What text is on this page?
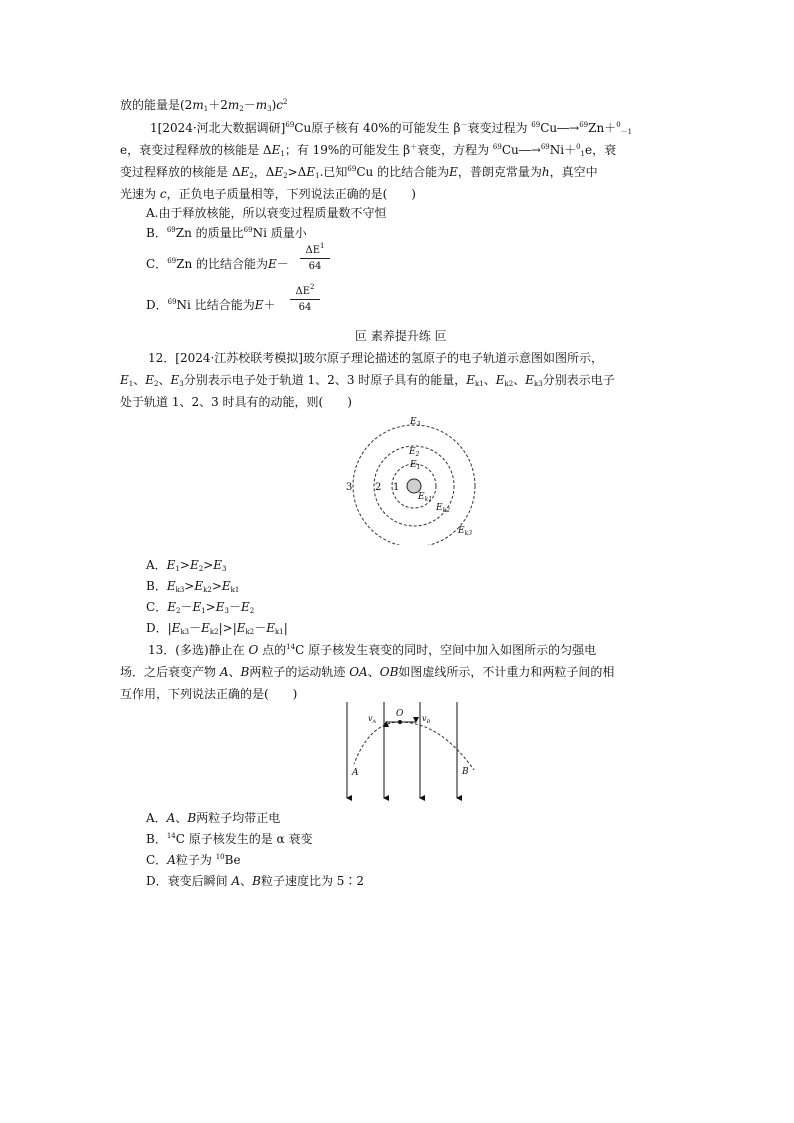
放的能量是$(2m_1+2m_2-m_3)c^2$
1[2024·河北大数据调研]$^{69}$Cu原子核有 40%的可能发生 β－衰变过程为 $^{69}$Cu―→$^{69}$Zn＋$^0_{-1}$
e，衰变过程释放的核能是 $\Delta E_1$；有 19%的可能发生 β＋衰变，方程为 $^{69}$Cu―→$^{69}$Ni＋$^0_1$e，衰
变过程释放的核能是 $\Delta E_2$，$\Delta E_2>\Delta E_1$.已知$^{69}$Cu 的比结合能为E，普朗克常量为h，真空中
光速为 c，正负电子质量相等，下列说法正确的是(　　)
A.由于释放核能，所以衰变过程质量数不守恒
B．$^{69}$Zn 的质量比$^{69}$Ni 质量小
C．$^{69}$Zn 的比结合能为E－
$\Delta E^1$
64
D．$^{69}$Ni 比结合能为E＋
$\Delta E^2$
64
叵 素养提升练 叵
12．[2024·江苏校联考模拟]玻尔原子理论描述的氢原子的电子轨道示意图如图所示，
$E_1$、$E_2$、$E_3$分别表示电子处于轨道 1、2、3 时原子具有的能量，$E_{k1}$、$E_{k2}$、$E_{k3}$分别表示电子
处于轨道 1、2、3 时具有的动能，则(　　)
3 2 1
$E_3$
$E_2$
$E_1$
$E_{k1}$
$E_{k2}$
$E_{k3}$
A．$E_1>E_2>E_3$
B．$E_{k3}>E_{k2}>E_{k1}$
C．$E_2-E_1>E_3-E_2$
D．$|E_{k3}-E_{k2}|>|E_{k2}-E_{k1}|$
13．(多选)静止在 O 点的$^{14}$C 原子核发生衰变的同时，空间中加入如图所示的匀强电
场．之后衰变产物 A、B两粒子的运动轨迹 OA、OB如图虚线所示，不计重力和两粒子间的相
互作用，下列说法正确的是(　　)
O
$v_A$	$v_B$
A	B
A．A、B两粒子均带正电
B．$^{14}$C 原子核发生的是 α 衰变
C．A粒子为 $^{10}$Be
D．衰变后瞬间 A、B粒子速度比为 5∶2
